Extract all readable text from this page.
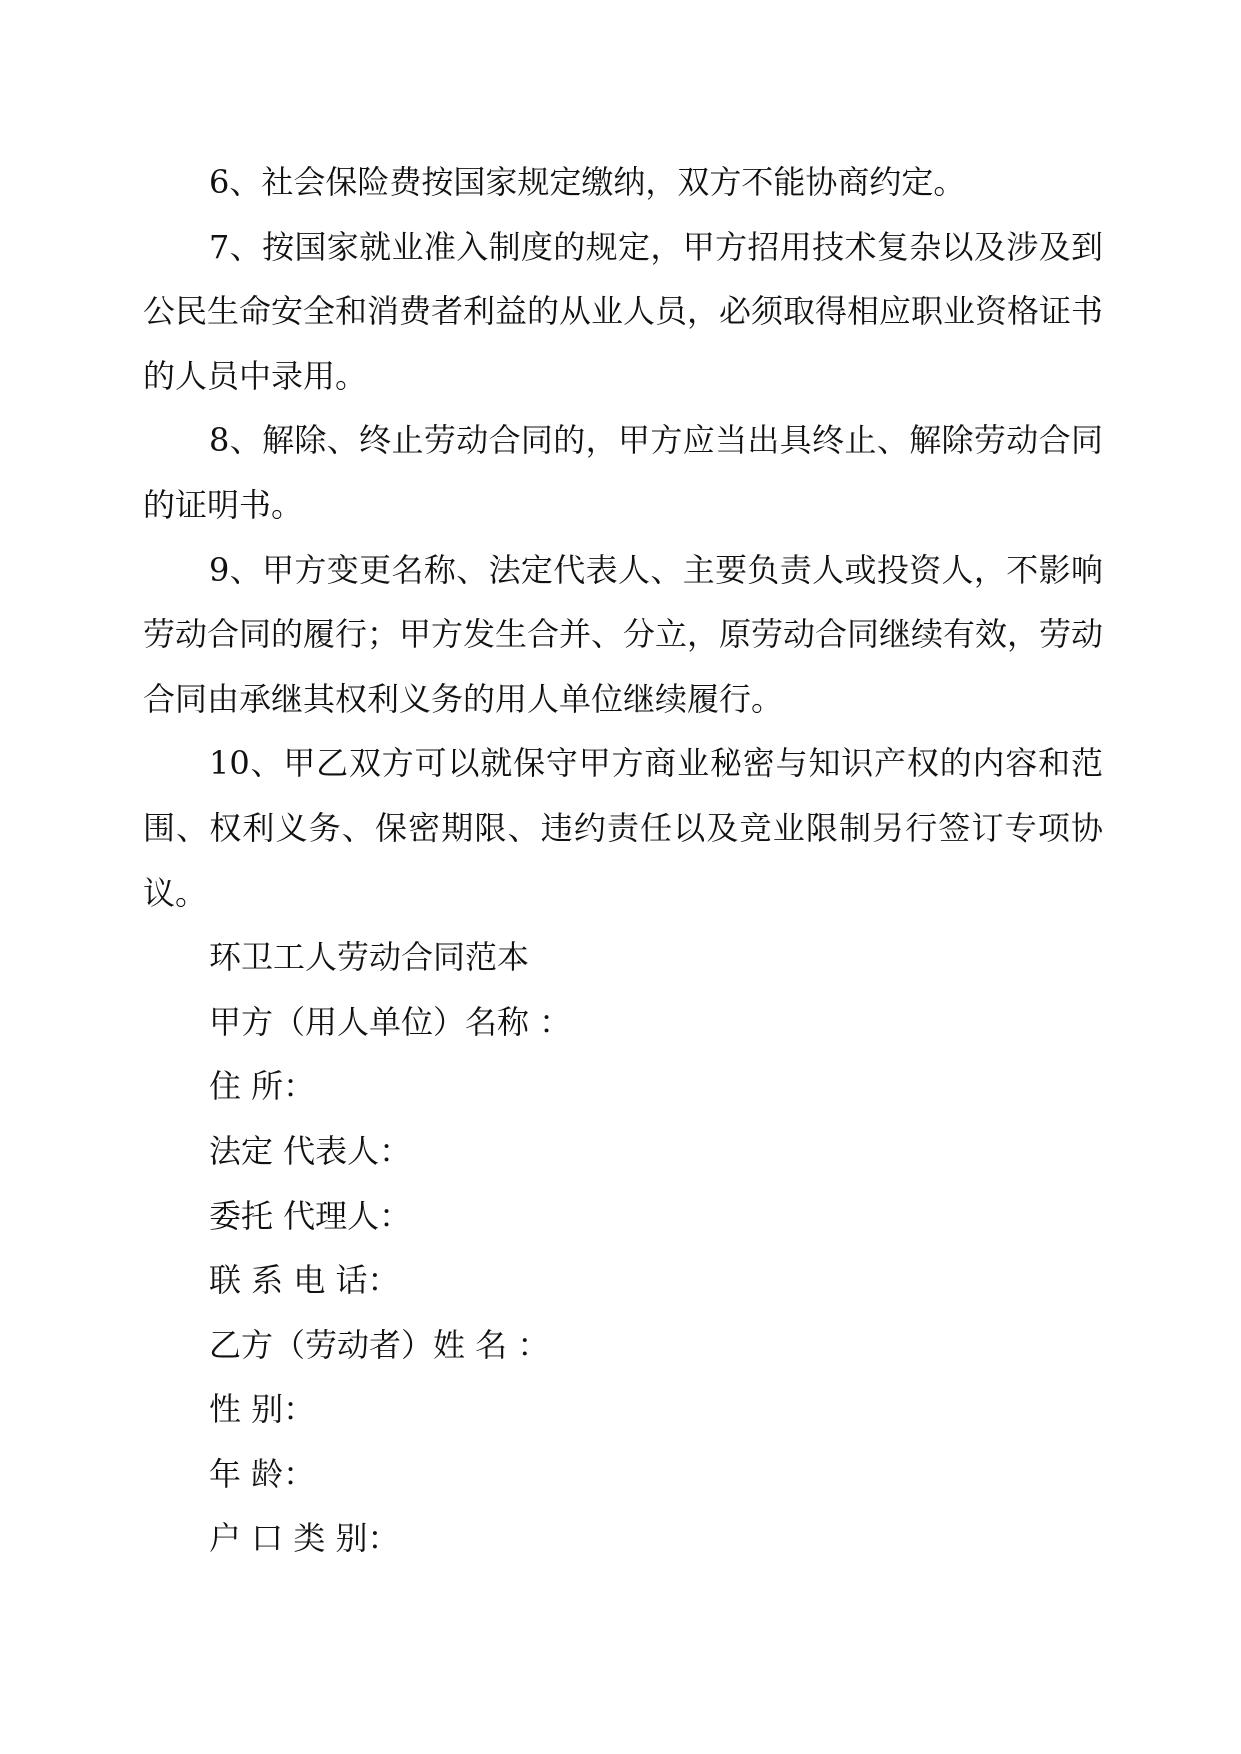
6、社会保险费按国家规定缴纳，双方不能协商约定。

7、按国家就业准入制度的规定，甲方招用技术复杂以及涉及到公民生命安全和消费者利益的从业人员，必须取得相应职业资格证书的人员中录用。

8、解除、终止劳动合同的，甲方应当出具终止、解除劳动合同的证明书。

9、甲方变更名称、法定代表人、主要负责人或投资人，不影响劳动合同的履行；甲方发生合并、分立，原劳动合同继续有效，劳动合同由承继其权利义务的用人单位继续履行。

10、甲乙双方可以就保守甲方商业秘密与知识产权的内容和范围、权利义务、保密期限、违约责任以及竞业限制另行签订专项协议。

环卫工人劳动合同范本

甲方（用人单位）名称 ：

住 所：

法定 代表人：

委托 代理人：

联 系 电 话：

乙方（劳动者）姓 名 ：

性 别：

年 龄：

户 口 类 别：
